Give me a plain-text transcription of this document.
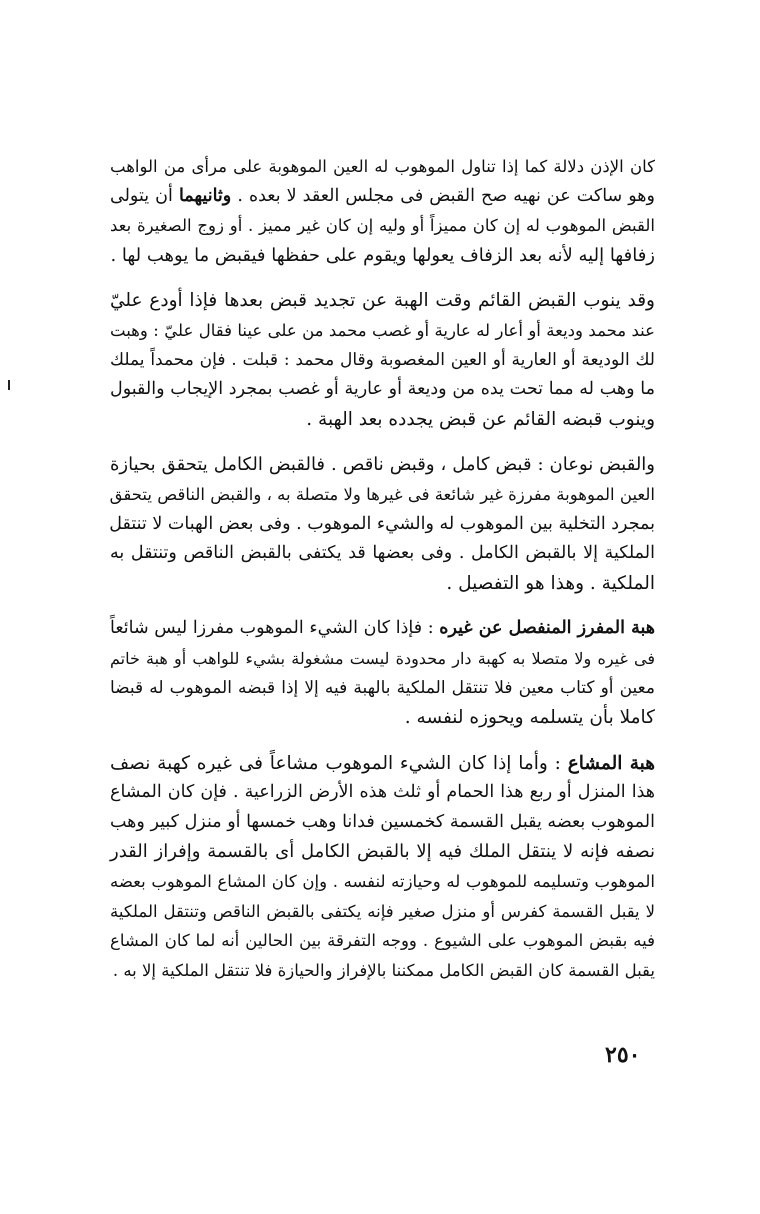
كان الإذن دلالة كما إذا تناول الموهوب له العين الموهوبة على مرأى من الواهب
وهو ساكت عن نهيه صح القبض فى مجلس العقد لا بعده . وثانيهما أن يتولى
القبض الموهوب له إن كان مميزاً أو وليه إن كان غير مميز . أو زوج الصغيرة بعد
زفافها إليه لأنه بعد الزفاف يعولها ويقوم على حفظها فيقبض ما يوهب لها .

وقد ينوب القبض القائم وقت الهبة عن تجديد قبض بعدها فإذا أودع عليّ
عند محمد وديعة أو أعار له عارية أو غصب محمد من على عينا فقال عليّ : وهبت
لك الوديعة أو العارية أو العين المغصوبة وقال محمد : قبلت . فإن محمداً يملك
ما وهب له مما تحت يده من وديعة أو عارية أو غصب بمجرد الإيجاب والقبول
وينوب قبضه القائم عن قبض يجدده بعد الهبة .

والقبض نوعان : قبض كامل ، وقبض ناقص . فالقبض الكامل يتحقق بحيازة
العين الموهوبة مفرزة غير شائعة فى غيرها ولا متصلة به ، والقبض الناقص يتحقق
بمجرد التخلية بين الموهوب له والشيء الموهوب . وفى بعض الهبات لا تنتقل
الملكية إلا بالقبض الكامل . وفى بعضها قد يكتفى بالقبض الناقص وتنتقل به
الملكية . وهذا هو التفصيل .

هبة المفرز المنفصل عن غيره : فإذا كان الشيء الموهوب مفرزا ليس شائعاً
فى غيره ولا متصلا به كهبة دار محدودة ليست مشغولة بشيء للواهب أو هبة خاتم
معين أو كتاب معين فلا تنتقل الملكية بالهبة فيه إلا إذا قبضه الموهوب له قبضا
كاملا بأن يتسلمه ويحوزه لنفسه .

هبة المشاع : وأما إذا كان الشيء الموهوب مشاعاً فى غيره كهبة نصف
هذا المنزل أو ربع هذا الحمام أو ثلث هذه الأرض الزراعية . فإن كان المشاع
الموهوب بعضه يقبل القسمة كخمسين فدانا وهب خمسها أو منزل كبير وهب
نصفه فإنه لا ينتقل الملك فيه إلا بالقبض الكامل أى بالقسمة وإفراز القدر
الموهوب وتسليمه للموهوب له وحيازته لنفسه . وإن كان المشاع الموهوب بعضه
لا يقبل القسمة كفرس أو منزل صغير فإنه يكتفى بالقبض الناقص وتنتقل الملكية
فيه بقبض الموهوب على الشيوع . ووجه التفرقة بين الحالين أنه لما كان المشاع
يقبل القسمة كان القبض الكامل ممكننا بالإفراز والحيازة فلا تنتقل الملكية إلا به .

٢٥٠
